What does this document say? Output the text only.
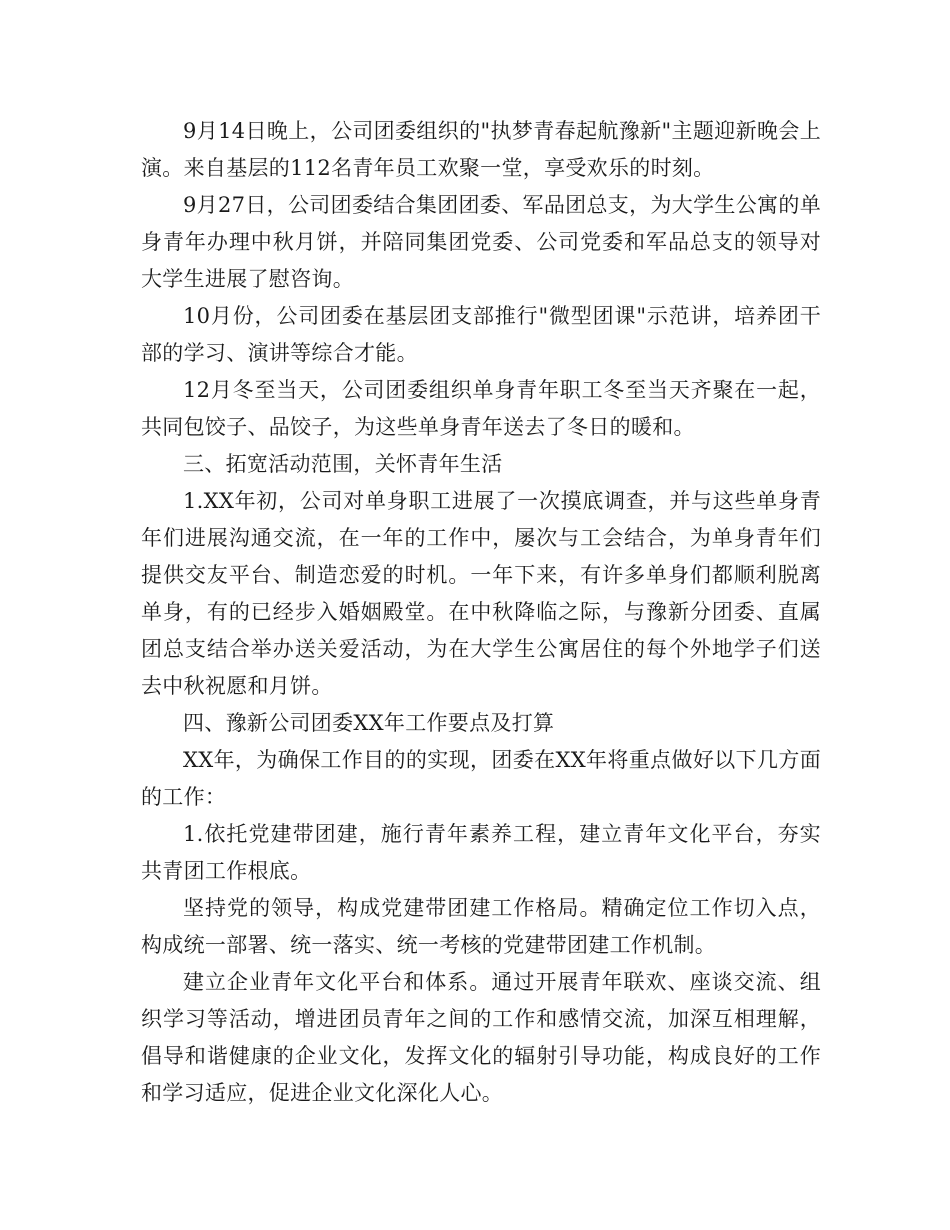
9月14日晚上，公司团委组织的"执梦青春起航豫新"主题迎新晚会上演。来自基层的112名青年员工欢聚一堂，享受欢乐的时刻。

9月27日，公司团委结合集团团委、军品团总支，为大学生公寓的单身青年办理中秋月饼，并陪同集团党委、公司党委和军品总支的领导对大学生进展了慰咨询。

10月份，公司团委在基层团支部推行"微型团课"示范讲，培养团干部的学习、演讲等综合才能。

12月冬至当天，公司团委组织单身青年职工冬至当天齐聚在一起，共同包饺子、品饺子，为这些单身青年送去了冬日的暖和。

三、拓宽活动范围，关怀青年生活

1.XX年初，公司对单身职工进展了一次摸底调查，并与这些单身青年们进展沟通交流，在一年的工作中，屡次与工会结合，为单身青年们提供交友平台、制造恋爱的时机。一年下来，有许多单身们都顺利脱离单身，有的已经步入婚姻殿堂。在中秋降临之际，与豫新分团委、直属团总支结合举办送关爱活动，为在大学生公寓居住的每个外地学子们送去中秋祝愿和月饼。

四、豫新公司团委XX年工作要点及打算

XX年，为确保工作目的的实现，团委在XX年将重点做好以下几方面的工作：

1.依托党建带团建，施行青年素养工程，建立青年文化平台，夯实共青团工作根底。

坚持党的领导，构成党建带团建工作格局。精确定位工作切入点，构成统一部署、统一落实、统一考核的党建带团建工作机制。

建立企业青年文化平台和体系。通过开展青年联欢、座谈交流、组织学习等活动，增进团员青年之间的工作和感情交流，加深互相理解，倡导和谐健康的企业文化，发挥文化的辐射引导功能，构成良好的工作和学习适应，促进企业文化深化人心。
